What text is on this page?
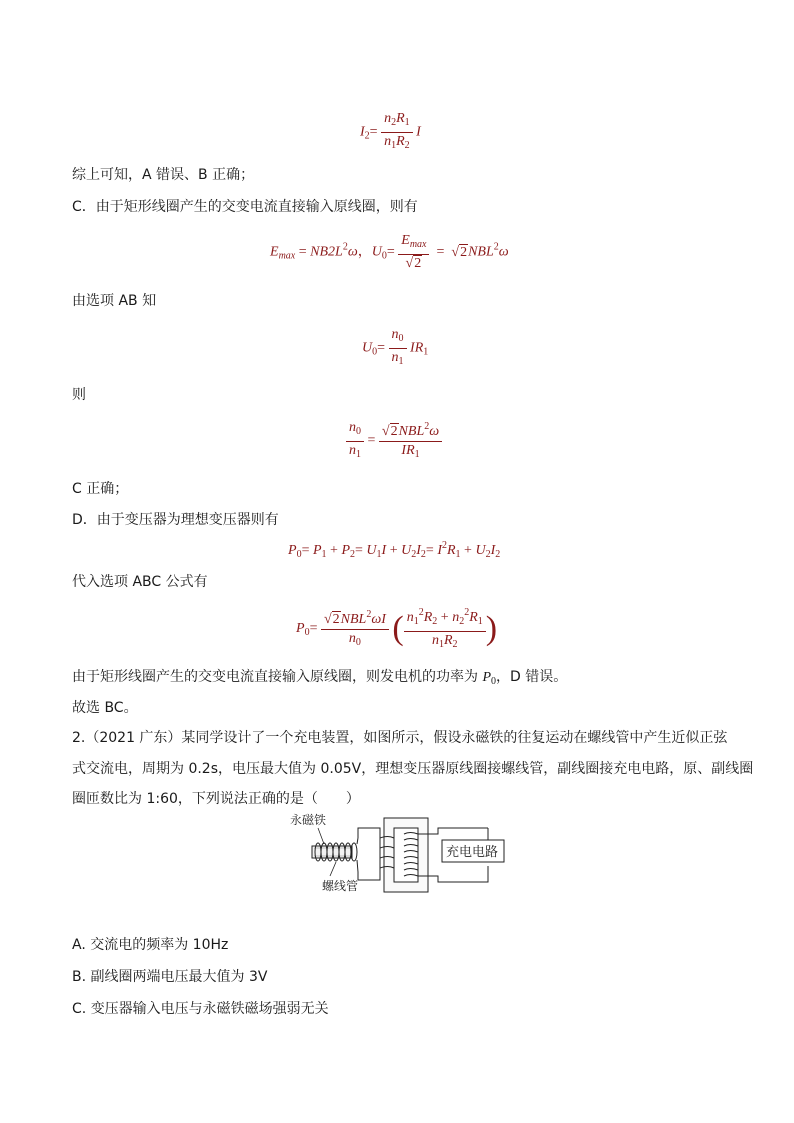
$I_2= \frac{n_2R_1}{n_1R_2}$ I
综上可知，A 错误、B 正确；
C．由于矩形线圈产生的交变电流直接输入原线圈，则有
$E_{max} = NB2L^2\omega$，$U_0= \frac{E_{max}}{√2} = √2NBL^2\omega$
由选项 AB 知
$U_0= \frac{n_0}{n_1} IR_1$
则
$\frac{n_0}{n_1} = \frac{√2NBL^2\omega}{IR_1}$
C 正确；
D．由于变压器为理想变压器则有
$P_0= P_1 + P_2= U_1I + U_2I_2= I^2R_1 + U_2I_2$
代入选项 ABC 公式有
$P_0= \frac{√2NBL^2\omega I}{n_0}$ ( $\frac{n_1^2R_2 + n_2^2R_1}{n_1R_2}$ )
由于矩形线圈产生的交变电流直接输入原线圈，则发电机的功率为 $P_0$，D 错误。
故选 BC。
2.（2021 广东）某同学设计了一个充电装置，如图所示，假设永磁铁的往复运动在螺线管中产生近似正弦
式交流电，周期为 0.2s，电压最大值为 0.05V，理想变压器原线圈接螺线管，副线圈接充电电路，原、副线圈
圈匝数比为 1:60，下列说法正确的是（　　）
永磁铁
螺线管
充电电路
A. 交流电的频率为 10Hz
B. 副线圈两端电压最大值为 3V
C. 变压器输入电压与永磁铁磁场强弱无关
